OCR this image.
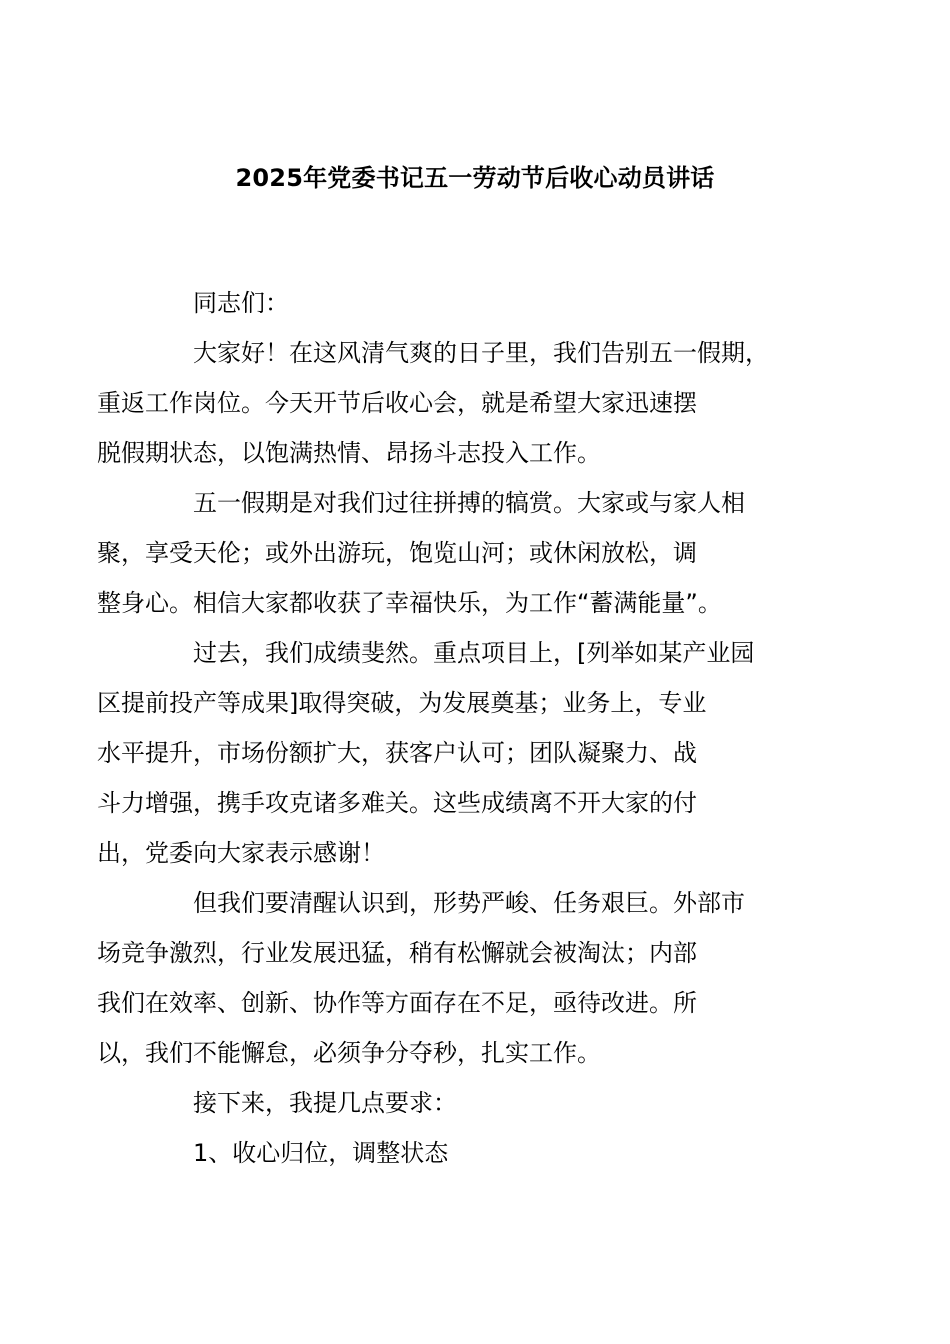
2025年党委书记五一劳动节后收心动员讲话

同志们：

大家好！在这风清气爽的日子里，我们告别五一假期，
重返工作岗位。今天开节后收心会，就是希望大家迅速摆
脱假期状态，以饱满热情、昂扬斗志投入工作。

五一假期是对我们过往拼搏的犒赏。大家或与家人相
聚，享受天伦；或外出游玩，饱览山河；或休闲放松，调
整身心。相信大家都收获了幸福快乐，为工作“蓄满能量”。

过去，我们成绩斐然。重点项目上，[列举如某产业园
区提前投产等成果]取得突破，为发展奠基；业务上，专业
水平提升，市场份额扩大，获客户认可；团队凝聚力、战
斗力增强，携手攻克诸多难关。这些成绩离不开大家的付
出，党委向大家表示感谢！

但我们要清醒认识到，形势严峻、任务艰巨。外部市
场竞争激烈，行业发展迅猛，稍有松懈就会被淘汰；内部
我们在效率、创新、协作等方面存在不足，亟待改进。所
以，我们不能懈怠，必须争分夺秒，扎实工作。

接下来，我提几点要求：

1、收心归位，调整状态
